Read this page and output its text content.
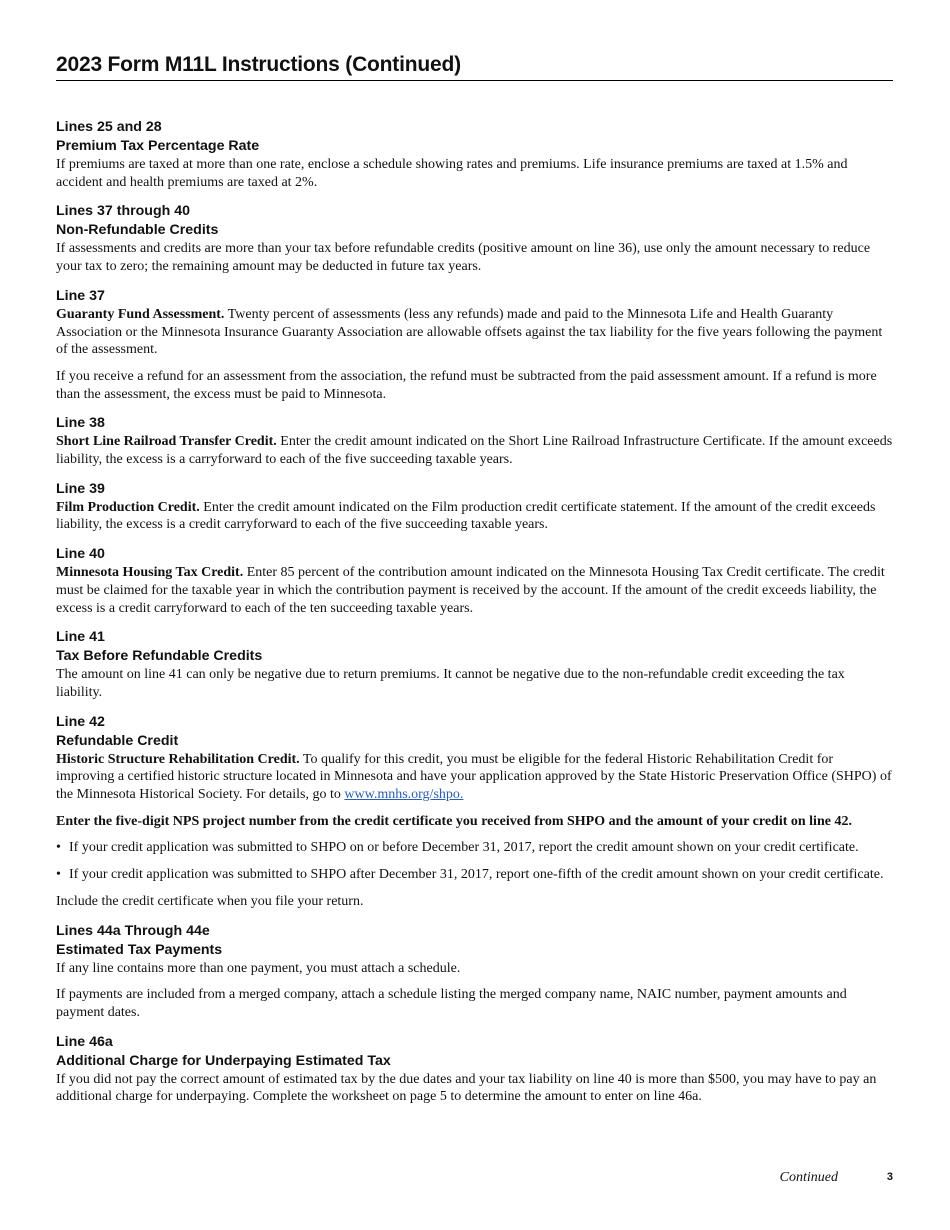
2023 Form M11L Instructions (Continued)
Lines 25 and 28
Premium Tax Percentage Rate

If premiums are taxed at more than one rate, enclose a schedule showing rates and premiums. Life insurance premiums are taxed at 1.5% and accident and health premiums are taxed at 2%.

Lines 37 through 40
Non-Refundable Credits

If assessments and credits are more than your tax before refundable credits (positive amount on line 36), use only the amount necessary to reduce your tax to zero; the remaining amount may be deducted in future tax years.

Line 37

Guaranty Fund Assessment. Twenty percent of assessments (less any refunds) made and paid to the Minnesota Life and Health Guaranty Association or the Minnesota Insurance Guaranty Association are allowable offsets against the tax liability for the five years following the payment of the assessment.

If you receive a refund for an assessment from the association, the refund must be subtracted from the paid assessment amount. If a refund is more than the assessment, the excess must be paid to Minnesota.

Line 38

Short Line Railroad Transfer Credit. Enter the credit amount indicated on the Short Line Railroad Infrastructure Certificate. If the amount exceeds liability, the excess is a carryforward to each of the five succeeding taxable years.

Line 39

Film Production Credit. Enter the credit amount indicated on the Film production credit certificate statement. If the amount of the credit exceeds liability, the excess is a credit carryforward to each of the five succeeding taxable years.

Line 40

Minnesota Housing Tax Credit. Enter 85 percent of the contribution amount indicated on the Minnesota Housing Tax Credit certificate. The credit must be claimed for the taxable year in which the contribution payment is received by the account. If the amount of the credit exceeds liability, the excess is a credit carryforward to each of the ten succeeding taxable years.

Line 41
Tax Before Refundable Credits

The amount on line 41 can only be negative due to return premiums. It cannot be negative due to the non-refundable credit exceeding the tax liability.

Line 42
Refundable Credit

Historic Structure Rehabilitation Credit. To qualify for this credit, you must be eligible for the federal Historic Rehabilitation Credit for improving a certified historic structure located in Minnesota and have your application approved by the State Historic Preservation Office (SHPO) of the Minnesota Historical Society. For details, go to www.mnhs.org/shpo.

Enter the five-digit NPS project number from the credit certificate you received from SHPO and the amount of your credit on line 42.

• If your credit application was submitted to SHPO on or before December 31, 2017, report the credit amount shown on your credit certificate.
• If your credit application was submitted to SHPO after December 31, 2017, report one-fifth of the credit amount shown on your credit certificate.

Include the credit certificate when you file your return.

Lines 44a Through 44e
Estimated Tax Payments

If any line contains more than one payment, you must attach a schedule.

If payments are included from a merged company, attach a schedule listing the merged company name, NAIC number, payment amounts and payment dates.

Line 46a
Additional Charge for Underpaying Estimated Tax

If you did not pay the correct amount of estimated tax by the due dates and your tax liability on line 40 is more than $500, you may have to pay an additional charge for underpaying. Complete the worksheet on page 5 to determine the amount to enter on line 46a.

Continued	3
